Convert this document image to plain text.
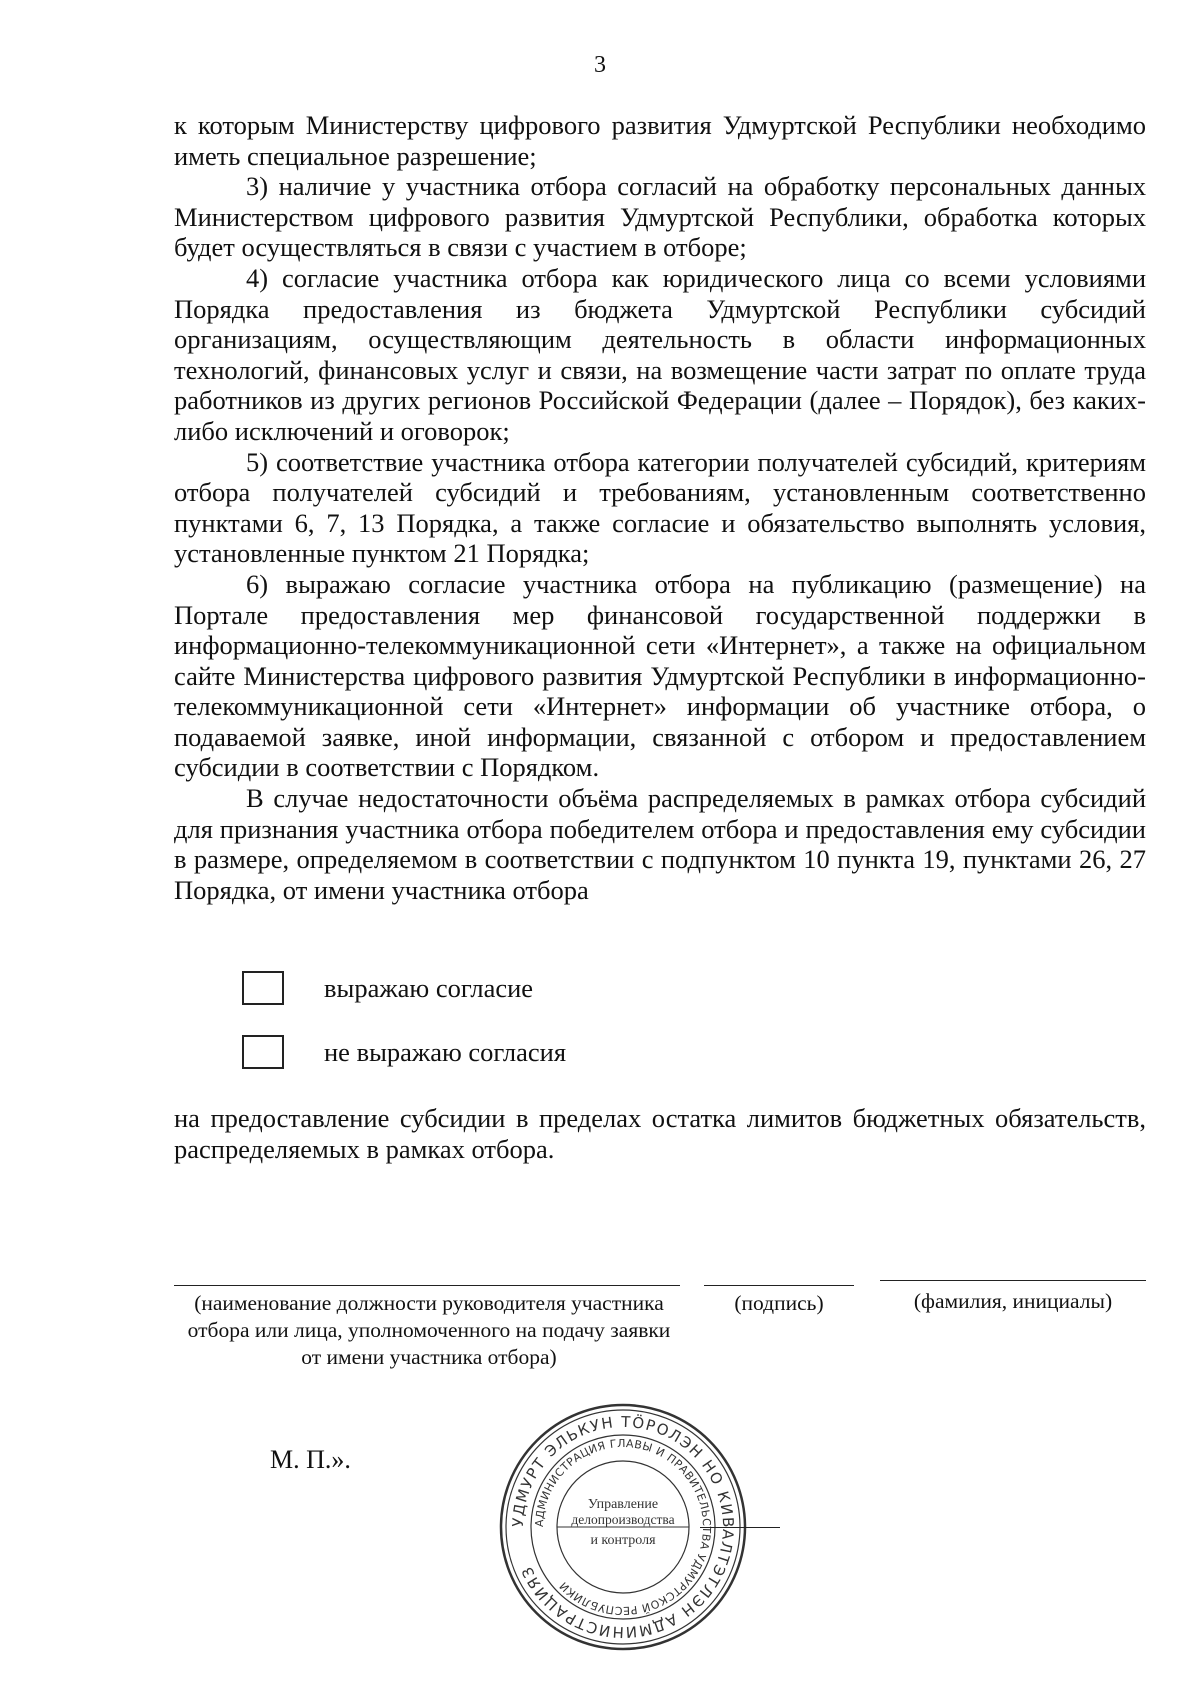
3

к которым Министерству цифрового развития Удмуртской Республики необходимо иметь специальное разрешение;

3) наличие у участника отбора согласий на обработку персональных данных Министерством цифрового развития Удмуртской Республики, обработка которых будет осуществляться в связи с участием в отборе;

4) согласие участника отбора как юридического лица со всеми условиями Порядка предоставления из бюджета Удмуртской Республики субсидий организациям, осуществляющим деятельность в области информационных технологий, финансовых услуг и связи, на возмещение части затрат по оплате труда работников из других регионов Российской Федерации (далее – Порядок), без каких-либо исключений и оговорок;

5) соответствие участника отбора категории получателей субсидий, критериям отбора получателей субсидий и требованиям, установленным соответственно пунктами 6, 7, 13 Порядка, а также согласие и обязательство выполнять условия, установленные пунктом 21 Порядка;

6) выражаю согласие участника отбора на публикацию (размещение) на Портале предоставления мер финансовой государственной поддержки в информационно-телекоммуникационной сети «Интернет», а также на официальном сайте Министерства цифрового развития Удмуртской Республики в информационно-телекоммуникационной сети «Интернет» информации об участнике отбора, о подаваемой заявке, иной информации, связанной с отбором и предоставлением субсидии в соответствии с Порядком.

В случае недостаточности объёма распределяемых в рамках отбора субсидий для признания участника отбора победителем отбора и предоставления ему субсидии в размере, определяемом в соответствии с подпунктом 10 пункта 19, пунктами 26, 27 Порядка, от имени участника отбора

выражаю согласие
не выражаю согласия

на предоставление субсидии в пределах остатка лимитов бюджетных обязательств, распределяемых в рамках отбора.

(наименование должности руководителя участника отбора или лица, уполномоченного на подачу заявки от имени участника отбора)
(подпись)	(фамилия, инициалы)
М. П.».
УДМУРТ ЭЛЬКУН ТÖРОЛЭН НО КИВАЛТЭТЛЭН АДМИНИСТРАЦИЯЗ
АДМИНИСТРАЦИЯ ГЛАВЫ И ПРАВИТЕЛЬСТВА УДМУРТСКОЙ РЕСПУБЛИКИ
Управление
делопроизводства
и контроля
